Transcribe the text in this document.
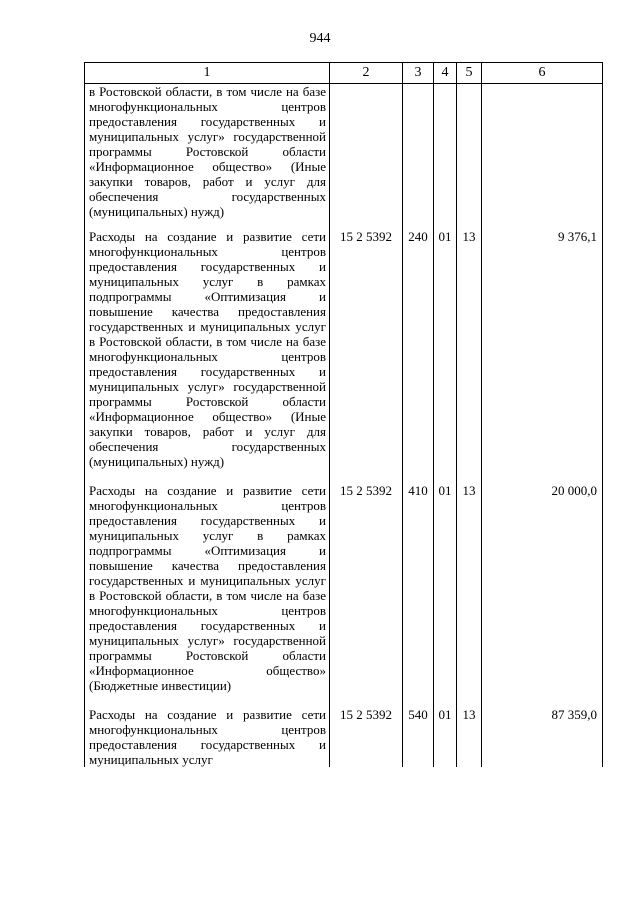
944
1	2	3	4	5	6
в Ростовской области, в том числе на базе многофункциональных центров предоставления государственных и муниципальных услуг» государственной программы Ростовской области «Информационное общество» (Иные закупки товаров, работ и услуг для обеспечения государственных (муниципальных) нужд)					
Расходы на создание и развитие сети многофункциональных центров предоставления государственных и муниципальных услуг в рамках подпрограммы «Оптимизация и повышение качества предоставления государственных и муниципальных услуг в Ростовской области, в том числе на базе многофункциональных центров предоставления государственных и муниципальных услуг» государственной программы Ростовской области «Информационное общество» (Иные закупки товаров, работ и услуг для обеспечения государственных (муниципальных) нужд)	15 2 5392	240	01	13	9 376,1
Расходы на создание и развитие сети многофункциональных центров предоставления государственных и муниципальных услуг в рамках подпрограммы «Оптимизация и повышение качества предоставления государственных и муниципальных услуг в Ростовской области, в том числе на базе многофункциональных центров предоставления государственных и муниципальных услуг» государственной программы Ростовской области «Информационное общество» (Бюджетные инвестиции)	15 2 5392	410	01	13	20 000,0
Расходы на создание и развитие сети многофункциональных центров предоставления государственных и муниципальных услуг	15 2 5392	540	01	13	87 359,0
